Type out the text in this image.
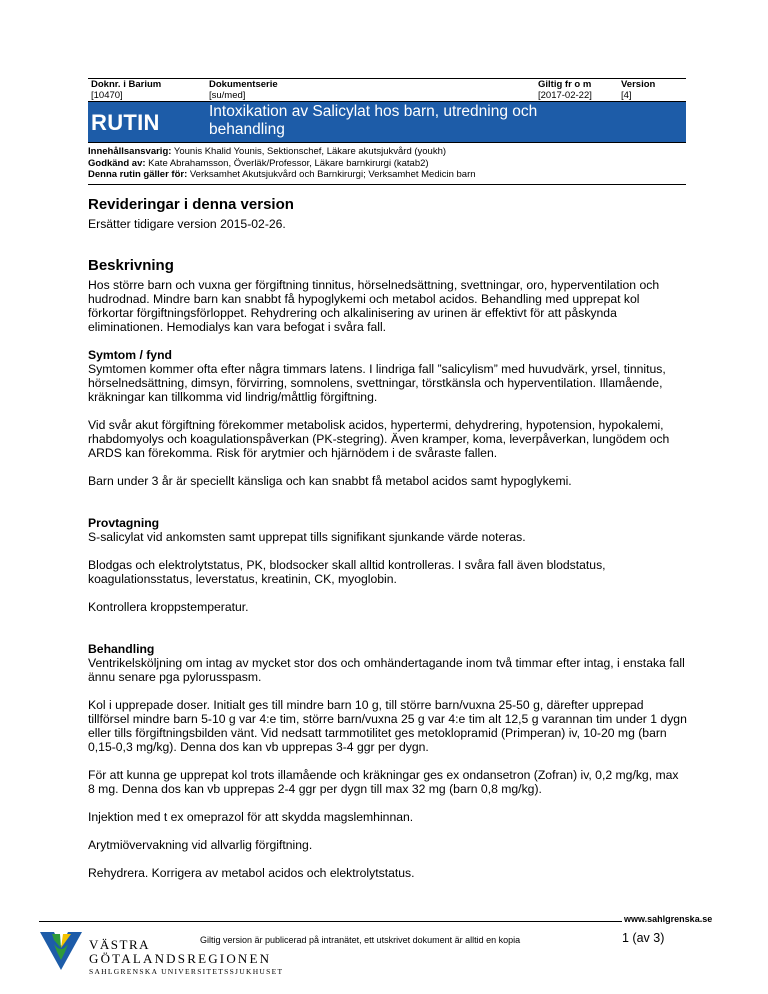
Doknr. i Barium
[10470]
Dokumentserie
[su/med]
Giltig fr o m
[2017-02-22]
Version
[4]
RUTIN	Intoxikation av Salicylat hos barn, utredning och behandling
Innehållsansvarig: Younis Khalid Younis, Sektionschef, Läkare akutsjukvård (youkh)
Godkänd av: Kate Abrahamsson, Överläk/Professor, Läkare barnkirurgi (katab2)
Denna rutin gäller för: Verksamhet Akutsjukvård och Barnkirurgi; Verksamhet Medicin barn
Revideringar i denna version

Ersätter tidigare version 2015-02-26.

Beskrivning

Hos större barn och vuxna ger förgiftning tinnitus, hörselnedsättning, svettningar, oro, hyperventilation och hudrodnad. Mindre barn kan snabbt få hypoglykemi och metabol acidos. Behandling med upprepat kol förkortar förgiftningsförloppet. Rehydrering och alkalinisering av urinen är effektivt för att påskynda eliminationen. Hemodialys kan vara befogat i svåra fall.

Symtom / fynd

Symtomen kommer ofta efter några timmars latens. I lindriga fall ”salicylism” med huvudvärk, yrsel, tinnitus, hörselnedsättning, dimsyn, förvirring, somnolens, svettningar, törstkänsla och hyperventilation. Illamående, kräkningar kan tillkomma vid lindrig/måttlig förgiftning.

Vid svår akut förgiftning förekommer metabolisk acidos, hypertermi, dehydrering, hypotension, hypokalemi, rhabdomyolys och koagulationspåverkan (PK-stegring). Även kramper, koma, leverpåverkan, lungödem och ARDS kan förekomma. Risk för arytmier och hjärnödem i de svåraste fallen.

Barn under 3 år är speciellt känsliga och kan snabbt få metabol acidos samt hypoglykemi.

Provtagning

S-salicylat vid ankomsten samt upprepat tills signifikant sjunkande värde noteras.

Blodgas och elektrolytstatus, PK, blodsocker skall alltid kontrolleras. I svåra fall även blodstatus, koagulationsstatus, leverstatus, kreatinin, CK, myoglobin.

Kontrollera kroppstemperatur.

Behandling

Ventrikelsköljning om intag av mycket stor dos och omhändertagande inom två timmar efter intag, i enstaka fall ännu senare pga pylorusspasm.

Kol i upprepade doser. Initialt ges till mindre barn 10 g, till större barn/vuxna 25-50 g, därefter upprepad tillförsel mindre barn 5-10 g var 4:e tim, större barn/vuxna 25 g var 4:e tim alt 12,5 g varannan tim under 1 dygn eller tills förgiftningsbilden vänt. Vid nedsatt tarmmotilitet ges metoklopramid (Primperan) iv, 10-20 mg (barn 0,15-0,3 mg/kg). Denna dos kan vb upprepas 3-4 ggr per dygn.

För att kunna ge upprepat kol trots illamående och kräkningar ges ex ondansetron (Zofran) iv, 0,2 mg/kg, max 8 mg. Denna dos kan vb upprepas 2-4 ggr per dygn till max 32 mg (barn 0,8 mg/kg).

Injektion med t ex omeprazol för att skydda magslemhinnan.

Arytmiövervakning vid allvarlig förgiftning.

Rehydrera. Korrigera av metabol acidos och elektrolytstatus.

www.sahlgrenska.se
VÄSTRA
GÖTALANDSREGIONEN
SAHLGRENSKA UNIVERSITETSSJUKHUSET
Giltig version är publicerad på intranätet, ett utskrivet dokument är alltid en kopia	1 (av 3)
